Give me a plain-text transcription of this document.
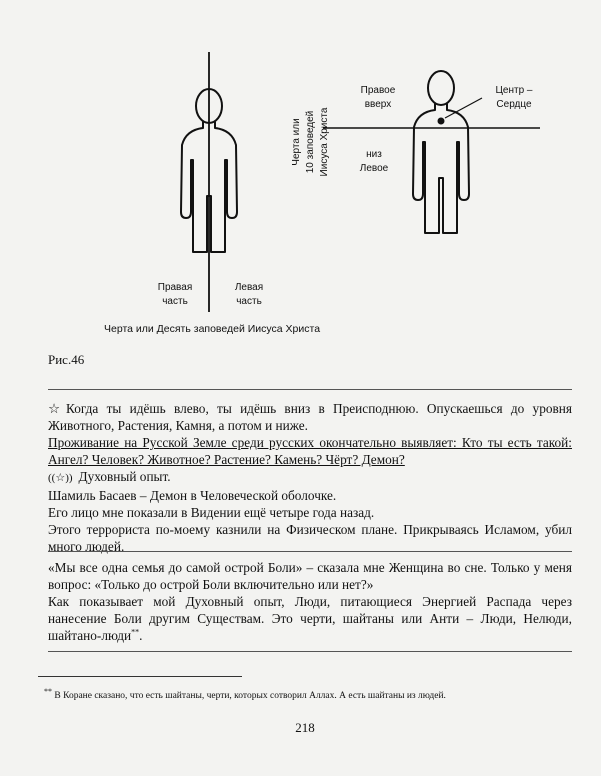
Правая
часть
Левая
часть
Черта или 10 заповедей Иисуса Христа
Правое
вверх
низ
Левое
Центр –
Сердце
Черта или Десять заповедей Иисуса Христа
Рис.46
☆ Когда ты идёшь влево, ты идёшь вниз в Преисподнюю. Опускаешься до уровня Животного, Растения, Камня, а потом и ниже.
Проживание на Русской Земле среди русских окончательно выявляет: Кто ты есть такой: Ангел? Человек? Животное? Растение? Камень? Чёрт? Демон?
((☆)) Духовный опыт.
Шамиль Басаев – Демон в Человеческой оболочке.
Его лицо мне показали в Видении ещё четыре года назад.
Этого террориста по-моему казнили на Физическом плане. Прикрываясь Исламом, убил много людей.
«Мы все одна семья до самой острой Боли» – сказала мне Женщина во сне. Только у меня вопрос: «Только до острой Боли включительно или нет?»
Как показывает мой Духовный опыт, Люди, питающиеся Энергией Распада через нанесение Боли другим Существам. Это черти, шайтаны или Анти – Люди, Нелюди, шайтано-люди**.
** В Коране сказано, что есть шайтаны, черти, которых сотворил Аллах. А есть шайтаны из людей.
218
